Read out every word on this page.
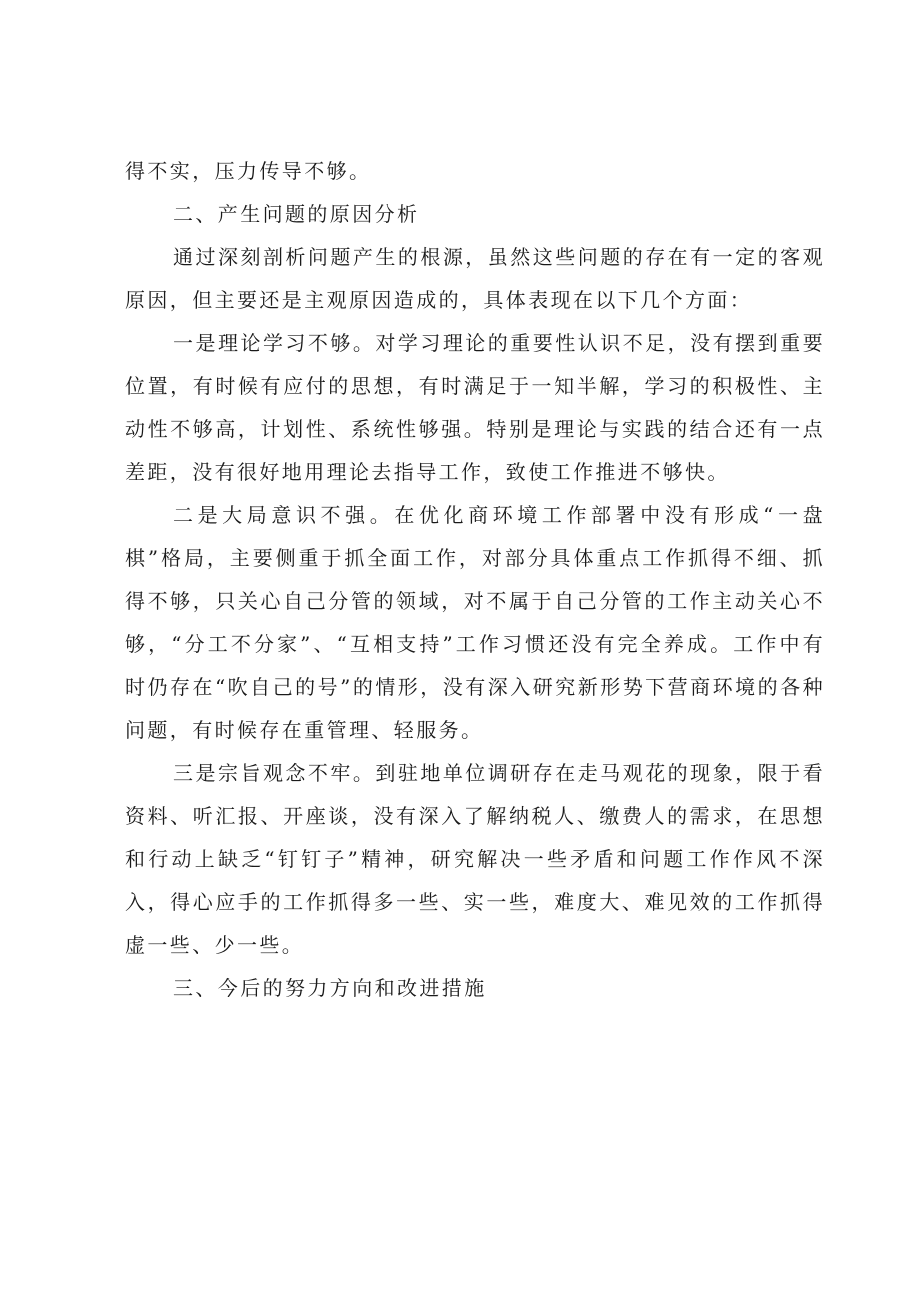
得不实，压力传导不够。

二、产生问题的原因分析

通过深刻剖析问题产生的根源，虽然这些问题的存在有一定的客观原因，但主要还是主观原因造成的，具体表现在以下几个方面：

一是理论学习不够。对学习理论的重要性认识不足，没有摆到重要位置，有时候有应付的思想，有时满足于一知半解，学习的积极性、主动性不够高，计划性、系统性够强。特别是理论与实践的结合还有一点差距，没有很好地用理论去指导工作，致使工作推进不够快。

二是大局意识不强。在优化商环境工作部署中没有形成“一盘棋”格局，主要侧重于抓全面工作，对部分具体重点工作抓得不细、抓得不够，只关心自己分管的领域，对不属于自己分管的工作主动关心不够，“分工不分家”、“互相支持”工作习惯还没有完全养成。工作中有时仍存在“吹自己的号”的情形，没有深入研究新形势下营商环境的各种问题，有时候存在重管理、轻服务。

三是宗旨观念不牢。到驻地单位调研存在走马观花的现象，限于看资料、听汇报、开座谈，没有深入了解纳税人、缴费人的需求，在思想和行动上缺乏“钉钉子”精神，研究解决一些矛盾和问题工作作风不深入，得心应手的工作抓得多一些、实一些，难度大、难见效的工作抓得虚一些、少一些。

三、今后的努力方向和改进措施
